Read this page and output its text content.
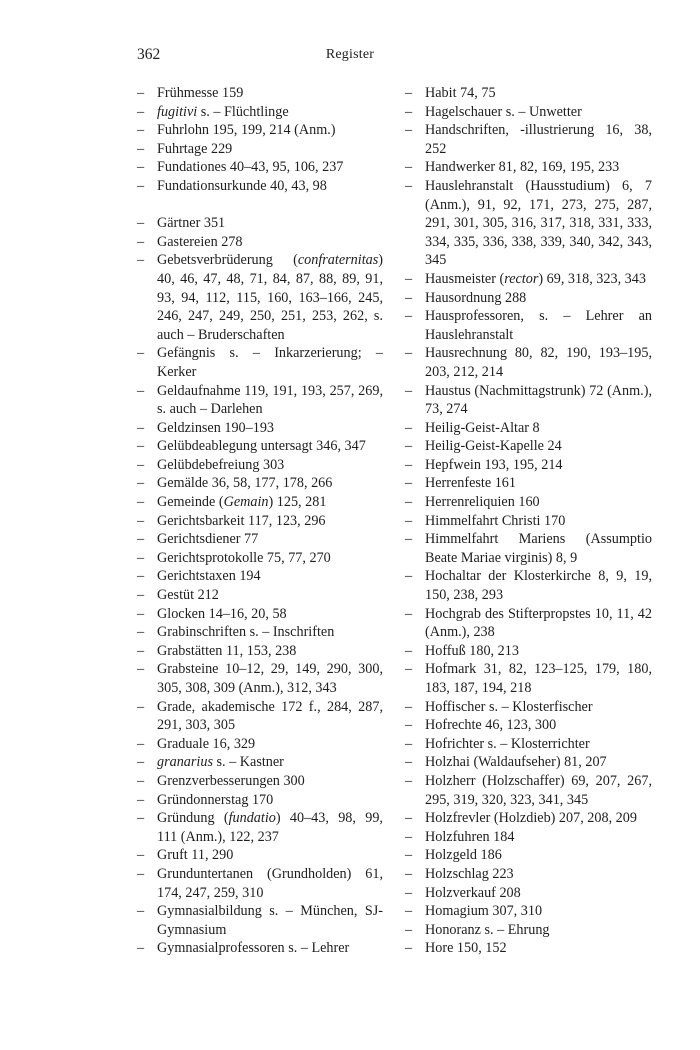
362	Register
– Frühmesse 159
– fugitivi s. – Flüchtlinge
– Fuhrlohn 195, 199, 214 (Anm.)
– Fuhrtage 229
– Fundationes 40–43, 95, 106, 237
– Fundationsurkunde 40, 43, 98
– Gärtner 351
– Gastereien 278
– Gebetsverbrüderung (confraternitas) 40, 46, 47, 48, 71, 84, 87, 88, 89, 91, 93, 94, 112, 115, 160, 163–166, 245, 246, 247, 249, 250, 251, 253, 262, s. auch – Bruderschaften
– Gefängnis s. – Inkarzerierung; – Kerker
– Geldaufnahme 119, 191, 193, 257, 269, s. auch – Darlehen
– Geldzinsen 190–193
– Gelübdeablegung untersagt 346, 347
– Gelübdebefreiung 303
– Gemälde 36, 58, 177, 178, 266
– Gemeinde (Gemain) 125, 281
– Gerichtsbarkeit 117, 123, 296
– Gerichtsdiener 77
– Gerichtsprotokolle 75, 77, 270
– Gerichtstaxen 194
– Gestüt 212
– Glocken 14–16, 20, 58
– Grabinschriften s. – Inschriften
– Grabstätten 11, 153, 238
– Grabsteine 10–12, 29, 149, 290, 300, 305, 308, 309 (Anm.), 312, 343
– Grade, akademische 172 f., 284, 287, 291, 303, 305
– Graduale 16, 329
– granarius s. – Kastner
– Grenzverbesserungen 300
– Gründonnerstag 170
– Gründung (fundatio) 40–43, 98, 99, 111 (Anm.), 122, 237
– Gruft 11, 290
– Grunduntertanen (Grundholden) 61, 174, 247, 259, 310
– Gymnasialbildung s. – München, SJ-Gymnasium
– Gymnasialprofessoren s. – Lehrer
– Habit 74, 75
– Hagelschauer s. – Unwetter
– Handschriften, -illustrierung 16, 38, 252
– Handwerker 81, 82, 169, 195, 233
– Hauslehranstalt (Hausstudium) 6, 7 (Anm.), 91, 92, 171, 273, 275, 287, 291, 301, 305, 316, 317, 318, 331, 333, 334, 335, 336, 338, 339, 340, 342, 343, 345
– Hausmeister (rector) 69, 318, 323, 343
– Hausordnung 288
– Hausprofessoren, s. – Lehrer an Hauslehranstalt
– Hausrechnung 80, 82, 190, 193–195, 203, 212, 214
– Haustus (Nachmittagstrunk) 72 (Anm.), 73, 274
– Heilig-Geist-Altar 8
– Heilig-Geist-Kapelle 24
– Hepfwein 193, 195, 214
– Herrenfeste 161
– Herrenreliquien 160
– Himmelfahrt Christi 170
– Himmelfahrt Mariens (Assumptio Beate Mariae virginis) 8, 9
– Hochaltar der Klosterkirche 8, 9, 19, 150, 238, 293
– Hochgrab des Stifterpropstes 10, 11, 42 (Anm.), 238
– Hoffuß 180, 213
– Hofmark 31, 82, 123–125, 179, 180, 183, 187, 194, 218
– Hoffischer s. – Klosterfischer
– Hofrechte 46, 123, 300
– Hofrichter s. – Klosterrichter
– Holzhai (Waldaufseher) 81, 207
– Holzherr (Holzschaffer) 69, 207, 267, 295, 319, 320, 323, 341, 345
– Holzfrevler (Holzdieb) 207, 208, 209
– Holzfuhren 184
– Holzgeld 186
– Holzschlag 223
– Holzverkauf 208
– Homagium 307, 310
– Honoranz s. – Ehrung
– Hore 150, 152
